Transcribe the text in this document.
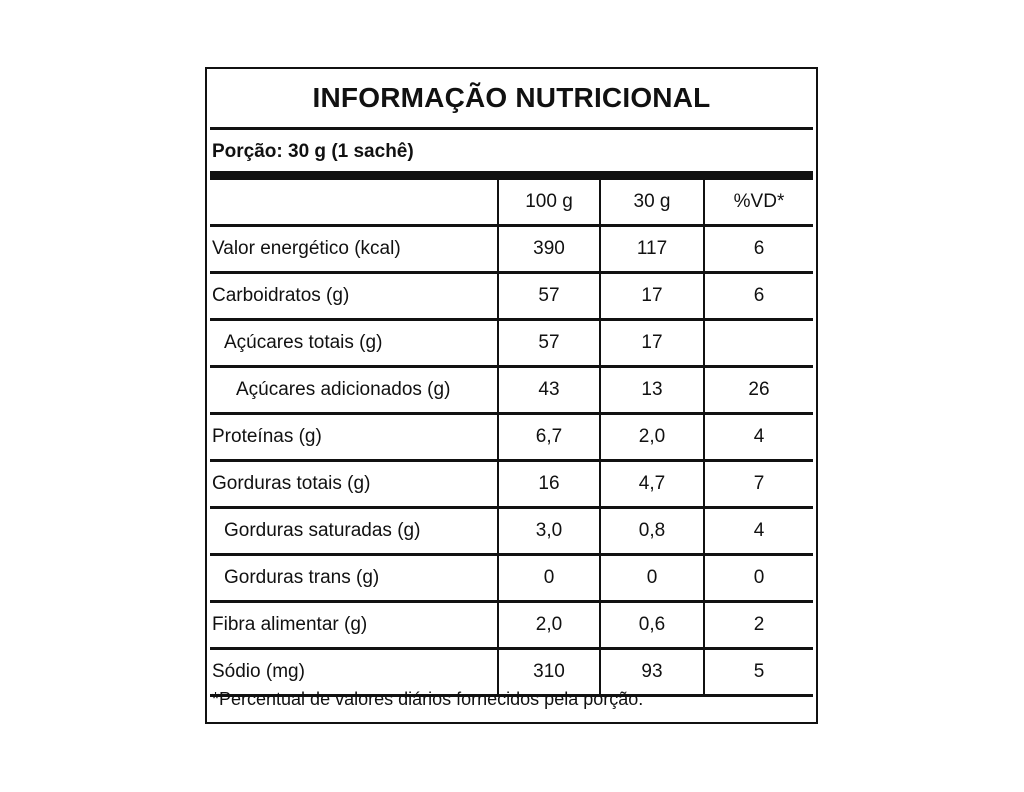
INFORMAÇÃO NUTRICIONAL
Porção: 30 g (1 sachê)
	100 g	30 g	%VD*
Valor energético (kcal)	390	117	6
Carboidratos (g)	57	17	6
Açúcares totais (g)	57	17	
Açúcares adicionados (g)	43	13	26
Proteínas (g)	6,7	2,0	4
Gorduras totais (g)	16	4,7	7
Gorduras saturadas (g)	3,0	0,8	4
Gorduras trans (g)	0	0	0
Fibra alimentar (g)	2,0	0,6	2
Sódio (mg)	310	93	5
*Percentual de valores diários fornecidos pela porção.
